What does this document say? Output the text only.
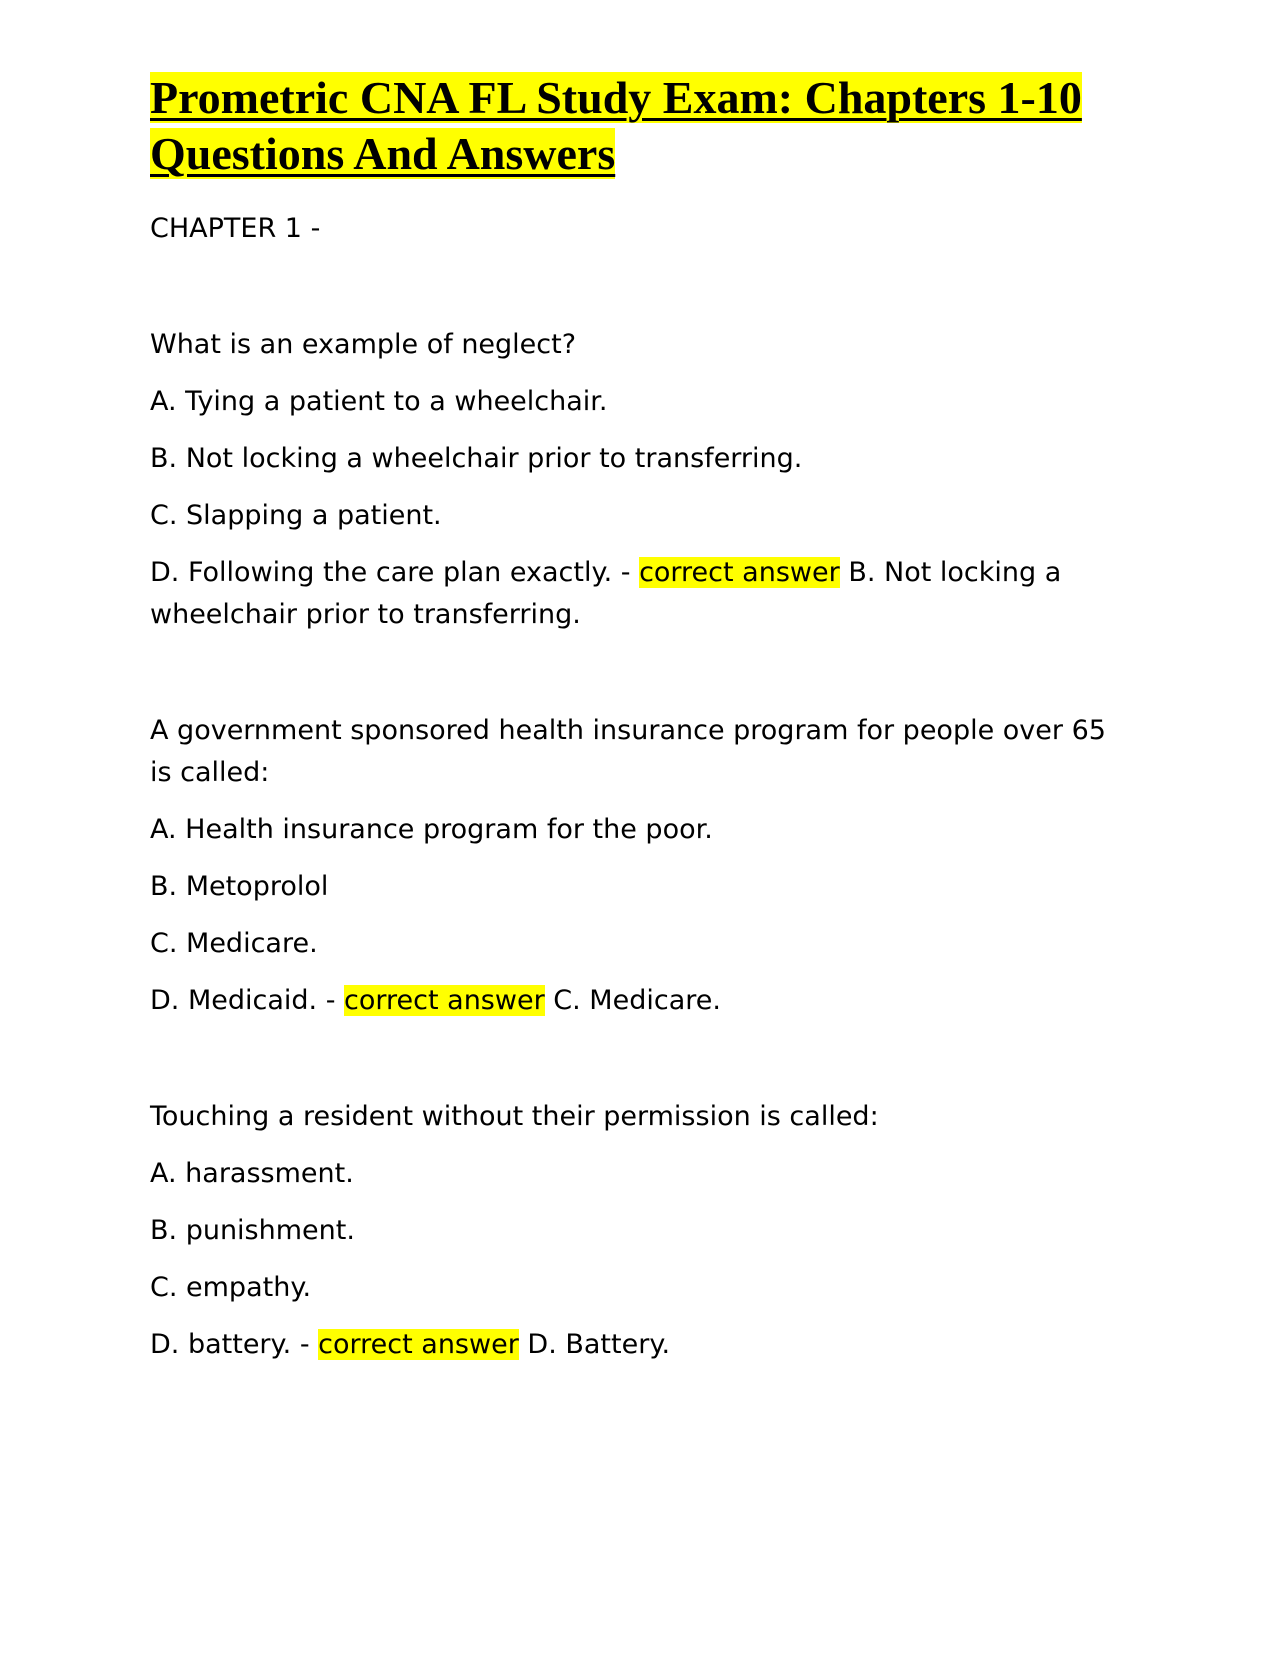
Prometric CNA FL Study Exam: Chapters 1-10 Questions And Answers

CHAPTER 1 -

What is an example of neglect?

A. Tying a patient to a wheelchair.

B. Not locking a wheelchair prior to transferring.

C. Slapping a patient.

D. Following the care plan exactly. - correct answer B. Not locking a wheelchair prior to transferring.

A government sponsored health insurance program for people over 65 is called:

A. Health insurance program for the poor.

B. Metoprolol

C. Medicare.

D. Medicaid. - correct answer C. Medicare.

Touching a resident without their permission is called:

A. harassment.

B. punishment.

C. empathy.

D. battery. - correct answer D. Battery.
